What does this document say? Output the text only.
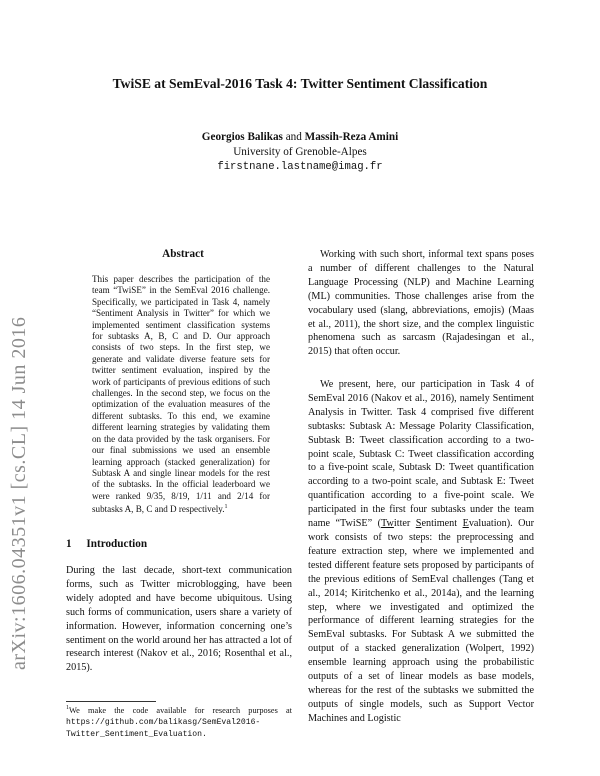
TwiSE at SemEval-2016 Task 4: Twitter Sentiment Classification
Georgios Balikas and Massih-Reza Amini
University of Grenoble-Alpes
firstnane.lastname@imag.fr
arXiv:1606.04351v1 [cs.CL] 14 Jun 2016
Abstract
This paper describes the participation of the team “TwiSE” in the SemEval 2016 challenge. Specifically, we participated in Task 4, namely “Sentiment Analysis in Twitter” for which we implemented sentiment classification systems for subtasks A, B, C and D. Our approach consists of two steps. In the first step, we generate and validate diverse feature sets for twitter sentiment evaluation, inspired by the work of participants of previous editions of such challenges. In the second step, we focus on the optimization of the evaluation measures of the different subtasks. To this end, we examine different learning strategies by validating them on the data provided by the task organisers. For our final submissions we used an ensemble learning approach (stacked generalization) for Subtask A and single linear models for the rest of the subtasks. In the official leaderboard we were ranked 9/35, 8/19, 1/11 and 2/14 for subtasks A, B, C and D respectively.$^1$
1 Introduction
During the last decade, short-text communication forms, such as Twitter microblogging, have been widely adopted and have become ubiquitous. Using such forms of communication, users share a variety of information. However, information concerning one’s sentiment on the world around her has attracted a lot of research interest (Nakov et al., 2016; Rosenthal et al., 2015).
$^1$We make the code available for research purposes at https://github.com/balikasg/SemEval2016-Twitter_Sentiment_Evaluation.
Working with such short, informal text spans poses a number of different challenges to the Natural Language Processing (NLP) and Machine Learning (ML) communities. Those challenges arise from the vocabulary used (slang, abbreviations, emojis) (Maas et al., 2011), the short size, and the complex linguistic phenomena such as sarcasm (Rajadesingan et al., 2015) that often occur.
We present, here, our participation in Task 4 of SemEval 2016 (Nakov et al., 2016), namely Sentiment Analysis in Twitter. Task 4 comprised five different subtasks: Subtask A: Message Polarity Classification, Subtask B: Tweet classification according to a two-point scale, Subtask C: Tweet classification according to a five-point scale, Subtask D: Tweet quantification according to a two-point scale, and Subtask E: Tweet quantification according to a five-point scale. We participated in the first four subtasks under the team name “TwiSE” (Twitter Sentiment Evaluation). Our work consists of two steps: the preprocessing and feature extraction step, where we implemented and tested different feature sets proposed by participants of the previous editions of SemEval challenges (Tang et al., 2014; Kiritchenko et al., 2014a), and the learning step, where we investigated and optimized the performance of different learning strategies for the SemEval subtasks. For Subtask A we submitted the output of a stacked generalization (Wolpert, 1992) ensemble learning approach using the probabilistic outputs of a set of linear models as base models, whereas for the rest of the subtasks we submitted the outputs of single models, such as Support Vector Machines and Logistic
